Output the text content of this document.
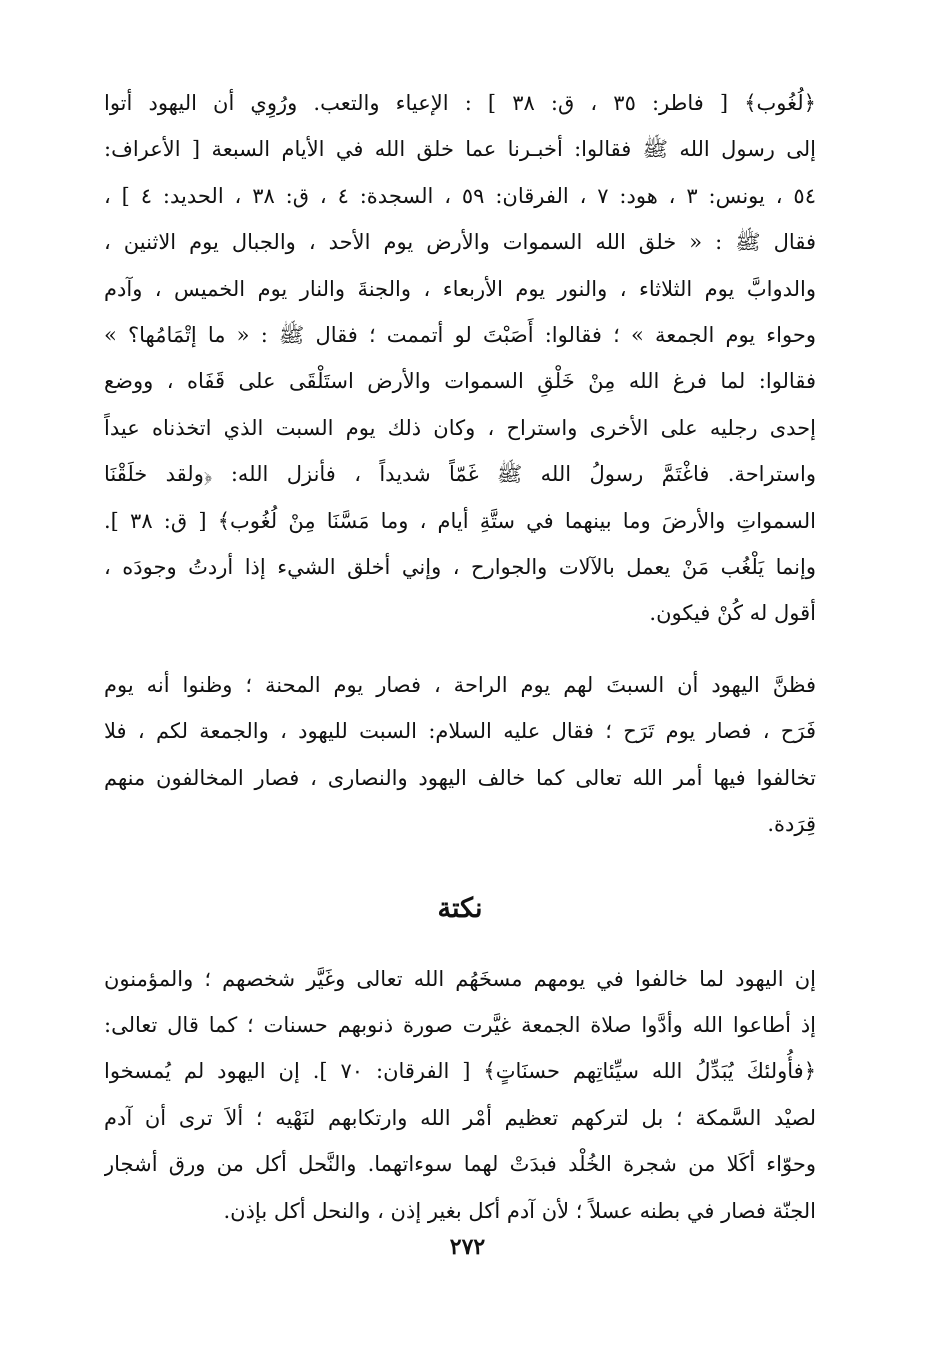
﴿لُغُوب﴾ [ فاطر: ٣٥ ، ق: ٣٨ ] : الإعياء والتعب. ورُوِي أن اليهود أتوا
إلى رسول الله ﷺ فقالوا: أخبـرنا عما خلق الله في الأيام السبعة [ الأعراف:
٥٤ ، يونس: ٣ ، هود: ٧ ، الفرقان: ٥٩ ، السجدة: ٤ ، ق: ٣٨ ، الحديد: ٤ ] ،
فقال ﷺ : « خلق الله السموات والأرض يوم الأحد ، والجبال يوم الاثنين ،
والدوابَّ يوم الثلاثاء ، والنور يوم الأربعاء ، والجنةَ والنار يوم الخميس ، وآدم
وحواء يوم الجمعة » ؛ فقالوا: أَصَبْتَ لو أتممت ؛ فقال ﷺ : « ما إتْمَامُها؟ »
فقالوا: لما فرغ الله مِنْ خَلْقِ السموات والأرض استَلْقَى على قَفَاه ، ووضع
إحدى رجليه على الأخرى واستراح ، وكان ذلك يوم السبت الذي اتخذناه عيداً
واستراحة. فاغْتَمَّ رسولُ الله ﷺ غَمّاً شديداً ، فأنزل الله: ﴿ولقد خلَقْنَا
السمواتِ والأرضَ وما بينهما في ستَّةِ أيام ، وما مَسَّنَا مِنْ لُغُوب﴾ [ ق: ٣٨ ].
وإنما يَلْغُب مَنْ يعمل بالآلات والجوارح ، وإني أخلق الشيء إذا أردتُ وجودَه ،
أقول له كُنْ فيكون.
فظنَّ اليهود أن السبتَ لهم يوم الراحة ، فصار يوم المحنة ؛ وظنوا أنه يوم
فَرَح ، فصار يوم تَرَح ؛ فقال عليه السلام: السبت لليهود ، والجمعة لكم ، فلا
تخالفوا فيها أمر الله تعالى كما خالف اليهود والنصارى ، فصار المخالفون منهم
قِرَدة.
نكتة
إن اليهود لما خالفوا في يومهم مسخَهُم الله تعالى وغَيَّر شخصهم ؛ والمؤمنون
إذ أطاعوا الله وأدَّوا صلاة الجمعة غيَّرت صورة ذنوبهم حسنات ؛ كما قال تعالى:
﴿فأُولئكَ يُبَدِّلُ الله سيِّئاتِهم حسنَاتٍ﴾ [ الفرقان: ٧٠ ]. إن اليهود لم يُمسخوا
لصيْد السَّمكة ؛ بل لتركهم تعظيم أمْر الله وارتكابهم لنَهْيه ؛ ألاَ ترى أن آدم
وحوّاء أكَلا من شجرة الخُلْد فبدَتْ لهما سوءاتهما. والنَّحل أكل من ورق أشجار
الجنّة فصار في بطنه عسلاً ؛ لأن آدم أكل بغير إذن ، والنحل أكل بإذن.
٢٧٢
